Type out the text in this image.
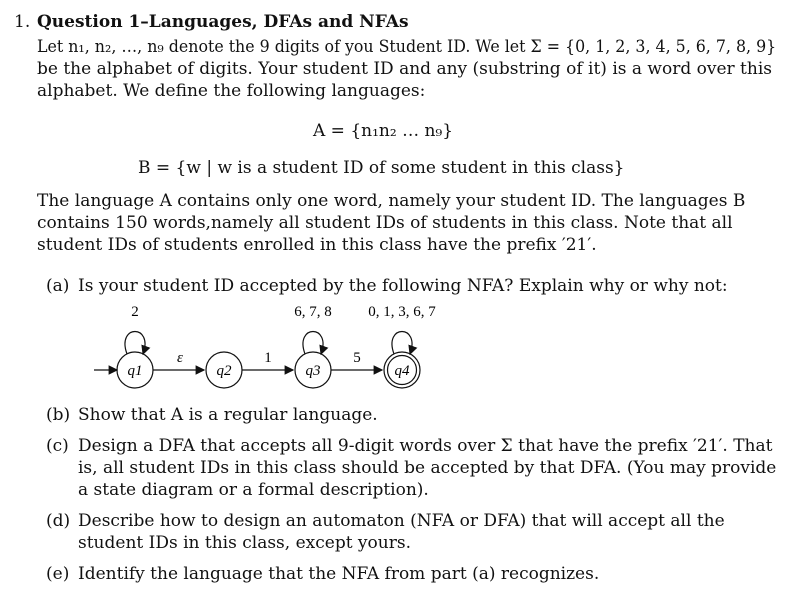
1. Question 1–Languages, DFAs and NFAs
Let n₁, n₂, …, n₉ denote the 9 digits of you Student ID. We let Σ = {0, 1, 2, 3, 4, 5, 6, 7, 8, 9}
be the alphabet of digits. Your student ID and any (substring of it) is a word over this
alphabet. We define the following languages:
A = {n₁n₂ … n₉}
B = {w | w is a student ID of some student in this class}
The language A contains only one word, namely your student ID. The languages B
contains 150 words,namely all student IDs of students in this class. Note that all
student IDs of students enrolled in this class have the prefix ′21′.
(a) Is your student ID accepted by the following NFA? Explain why or why not:
q1	q2	q3	q4
2
ε	1
6, 7, 8
5
0, 1, 3, 6, 7
(b) Show that A is a regular language.
(c) Design a DFA that accepts all 9-digit words over Σ that have the prefix ′21′. That
is, all student IDs in this class should be accepted by that DFA. (You may provide
a state diagram or a formal description).
(d) Describe how to design an automaton (NFA or DFA) that will accept all the
student IDs in this class, except yours.
(e) Identify the language that the NFA from part (a) recognizes.
